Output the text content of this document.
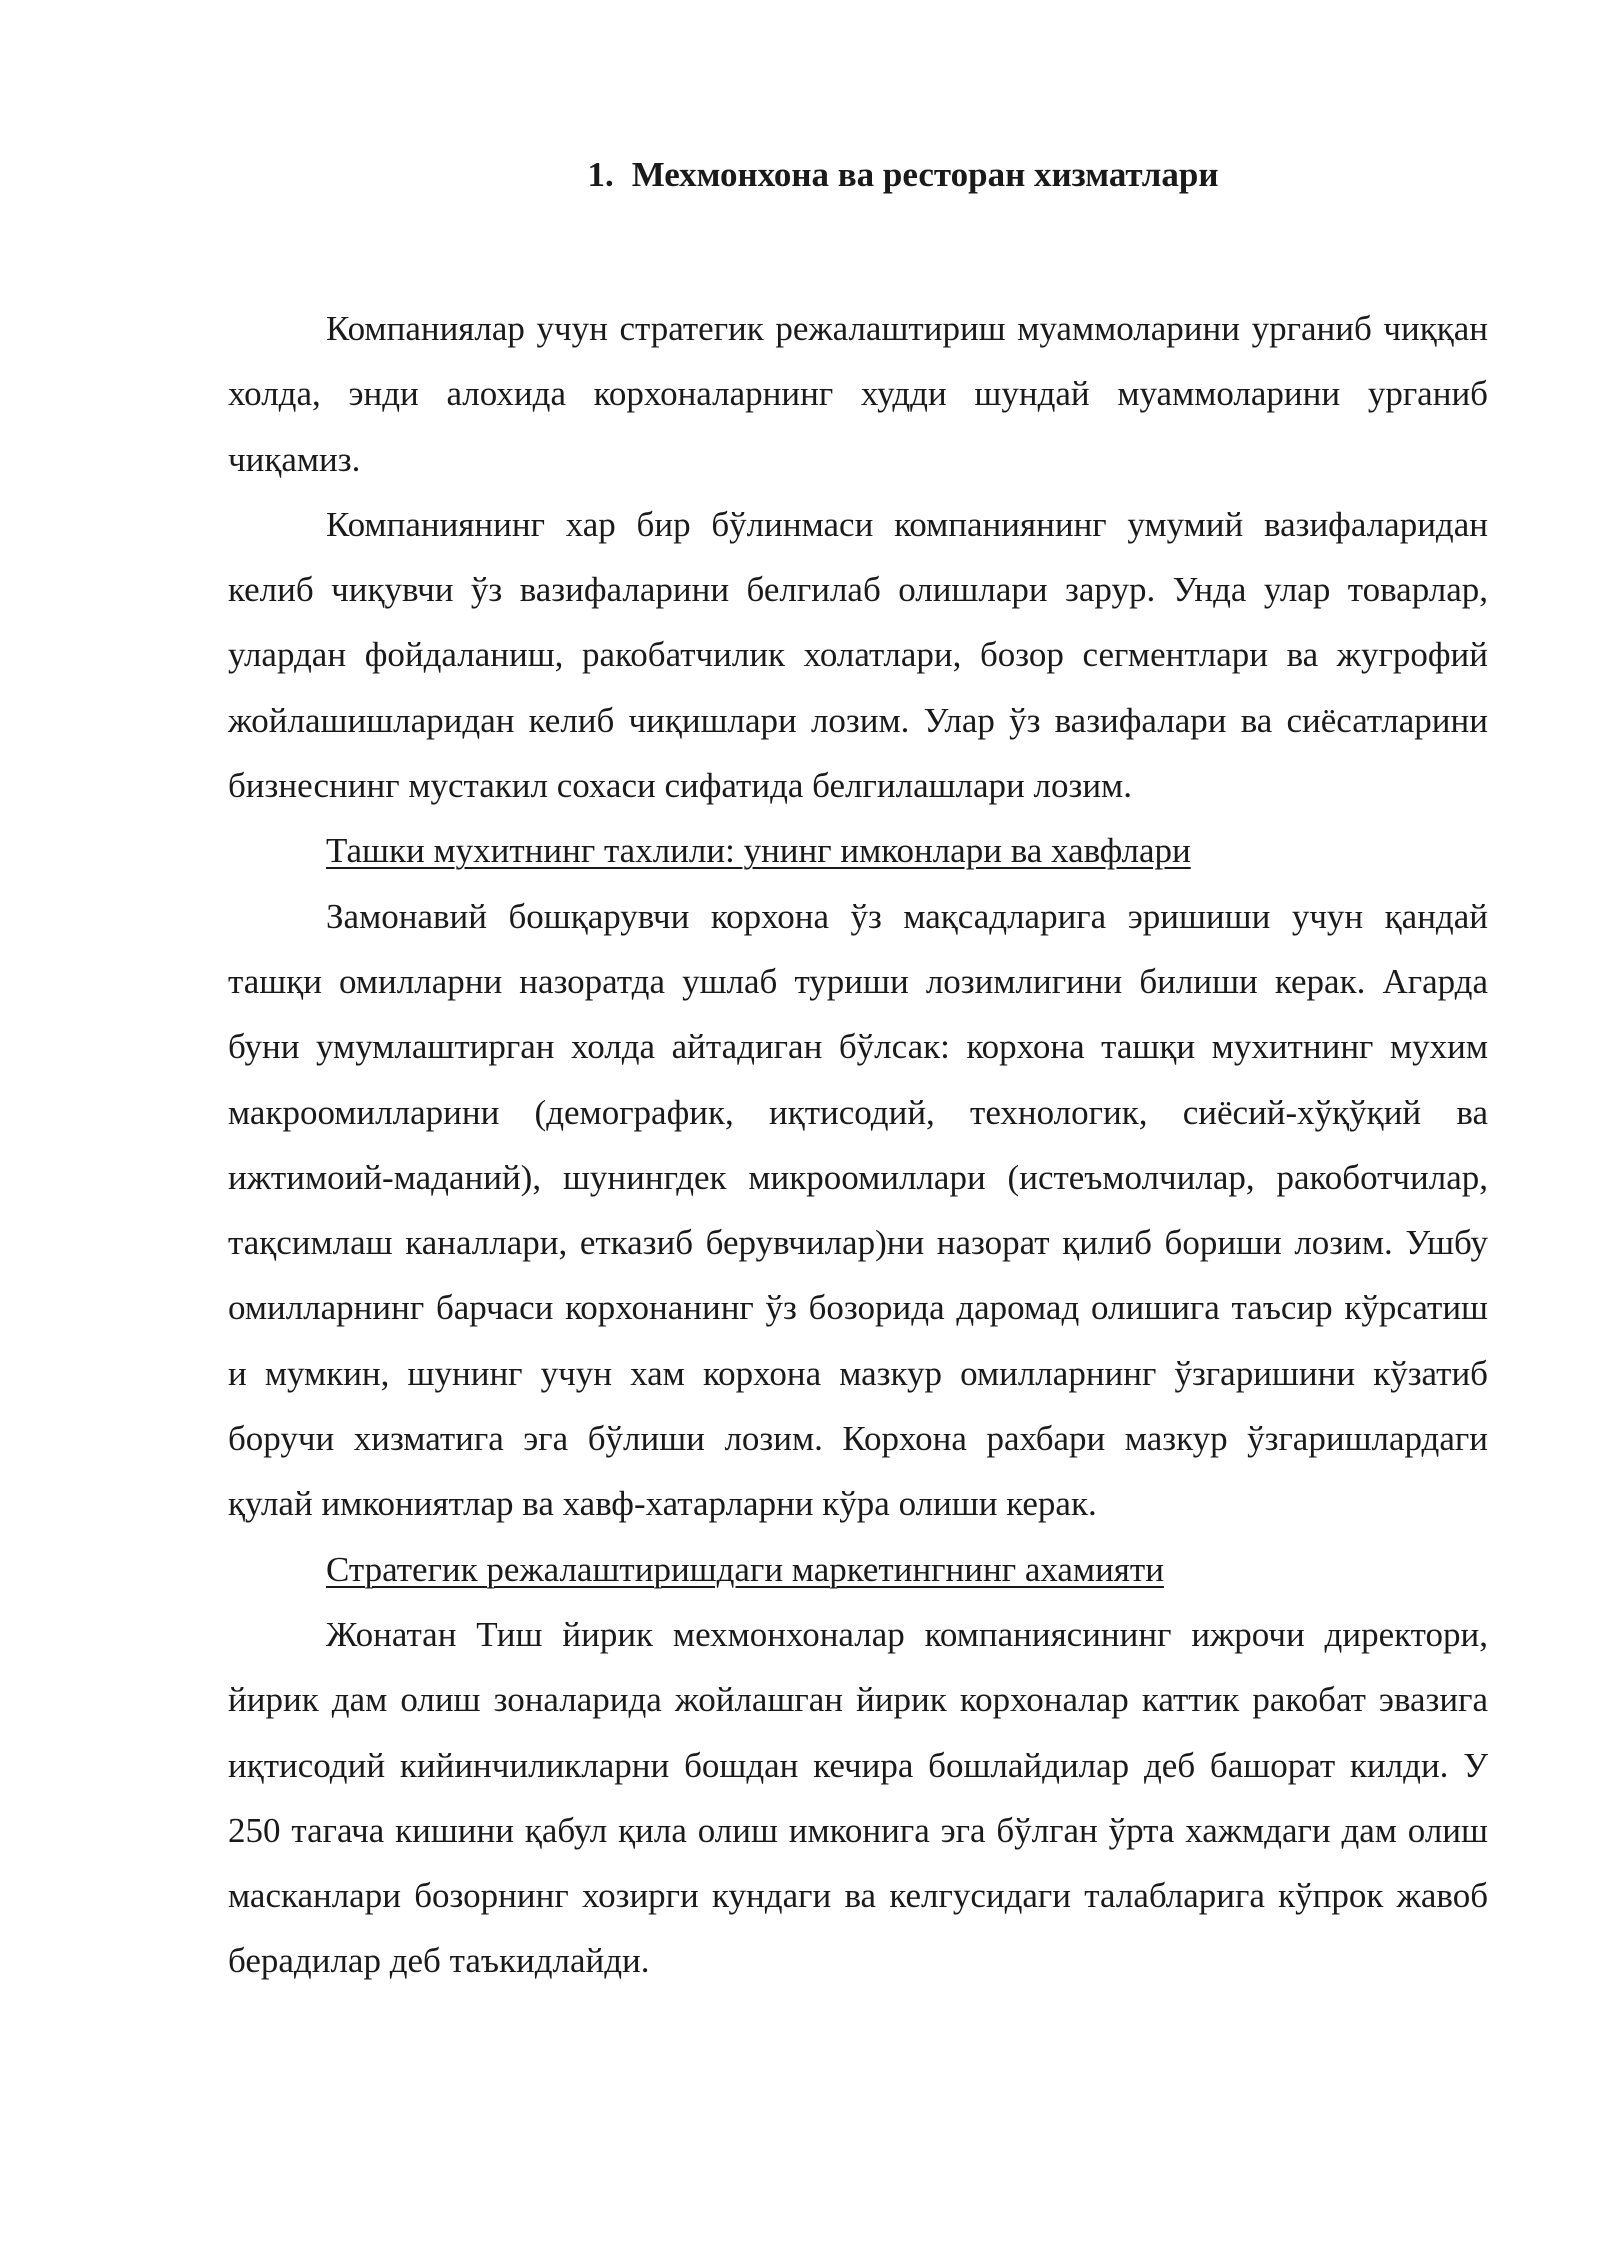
1. Мехмонхона ва ресторан хизматлари

Компаниялар учун стратегик режалаштириш муаммоларини урганиб чиққан холда, энди алохида корхоналарнинг худди шундай муаммоларини урганиб чиқамиз.

Компаниянинг хар бир бўлинмаси компаниянинг умумий вазифаларидан келиб чиқувчи ўз вазифаларини белгилаб олишлари зарур. Унда улар товарлар, улардан фойдаланиш, ракобатчилик холатлари, бозор сегментлари ва жугрофий жойлашишларидан келиб чиқишлари лозим. Улар ўз вазифалари ва сиёсатларини бизнеснинг мустакил сохаси сифатида белгилашлари лозим.

Ташки мухитнинг тахлили: унинг имконлари ва хавфлари

Замонавий бошқарувчи корхона ўз мақсадларига эришиши учун қандай ташқи омилларни назоратда ушлаб туриши лозимлигини билиши керак. Агарда буни умумлаштирган холда айтадиган бўлсак: корхона ташқи мухитнинг мухим макроомилларини (демографик, иқтисодий, технологик, сиёсий-хўқўқий ва ижтимоий-маданий), шунингдек микроомиллари (истеъмолчилар, ракоботчилар, тақсимлаш каналлари, етказиб берувчилар)ни назорат қилиб бориши лозим. Ушбу омилларнинг барчаси корхонанинг ўз бозорида даромад олишига таъсир кўрсатиш и мумкин, шунинг учун хам корхона мазкур омилларнинг ўзгаришини кўзатиб боручи хизматига эга бўлиши лозим. Корхона рахбари мазкур ўзгаришлардаги қулай имкониятлар ва хавф-хатарларни кўра олиши керак.

Стратегик режалаштиришдаги маркетингнинг ахамияти

Жонатан Тиш йирик мехмонхоналар компаниясининг ижрочи директори, йирик дам олиш зоналарида жойлашган йирик корхоналар каттик ракобат эвазига иқтисодий кийинчиликларни бошдан кечира бошлайдилар деб башорат килди. У 250 тагача кишини қабул қила олиш имконига эга бўлган ўрта хажмдаги дам олиш масканлари бозорнинг хозирги кундаги ва келгусидаги талабларига кўпрок жавоб берадилар деб таъкидлайди.
